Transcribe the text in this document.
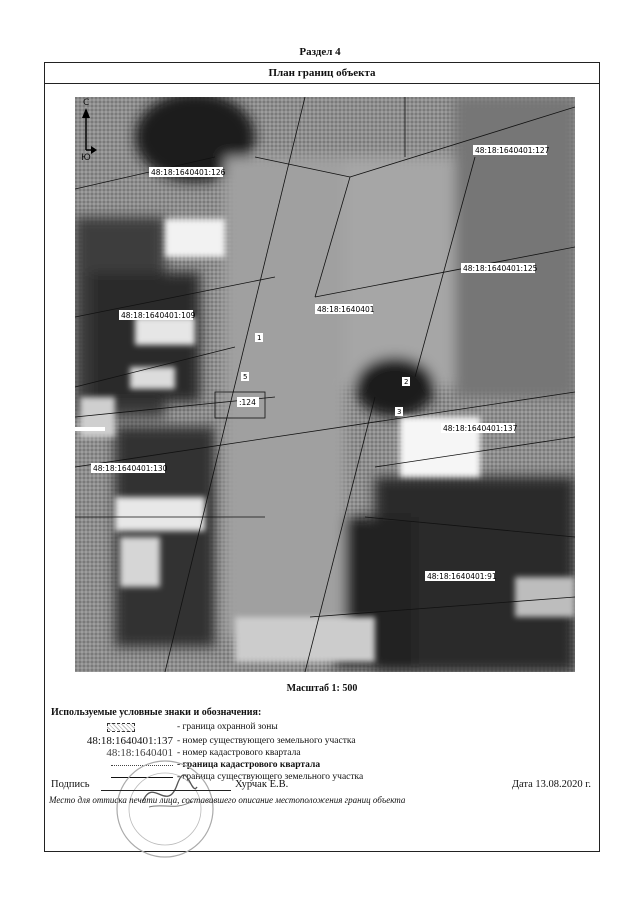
Раздел 4
План границ объекта
48:18:1640401:127
48:18:1640401:126
48:18:1640401:125
48:18:1640401
48:18:1640401:109
:124
48:18:1640401:137
48:18:1640401:130
48:18:1640401:91
1
2
3
5
С
Ю
Масштаб 1: 500
Используемые условные знаки и обозначения:
- граница охранной зоны
48:18:1640401:137 - номер существующего земельного участка
48:18:1640401 - номер кадастрового квартала
- граница кадастрового квартала
- граница существующего земельного участка
Подпись	Хурчак Е.В.	Дата 13.08.2020 г.
Место для оттиска печати лица, составившего описание местоположения границ объекта
